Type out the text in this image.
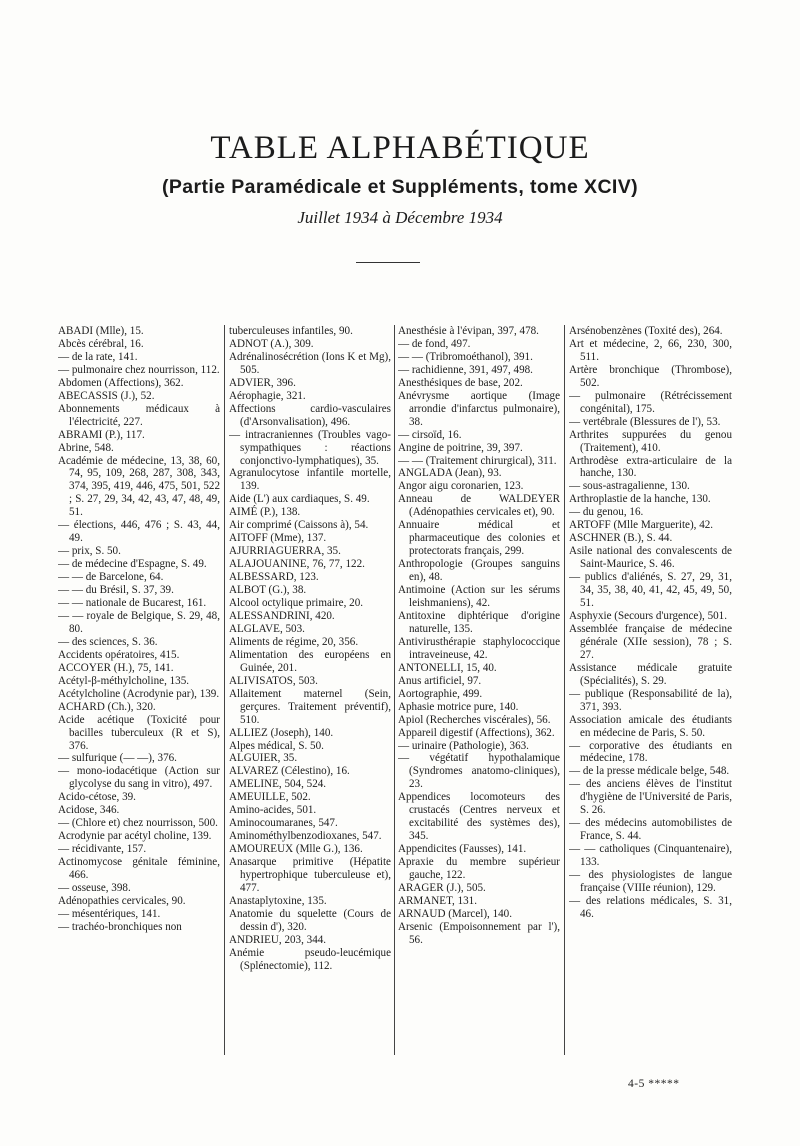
TABLE ALPHABÉTIQUE
(Partie Paramédicale et Suppléments, tome XCIV)
Juillet 1934 à Décembre 1934

ABADI (Mlle), 15.

Abcès cérébral, 16.

— de la rate, 141.

— pulmonaire chez nourrisson, 112.

Abdomen (Affections), 362.

ABECASSIS (J.), 52.

Abonnements médicaux à l'électricité, 227.

ABRAMI (P.), 117.

Abrine, 548.

Académie de médecine, 13, 38, 60, 74, 95, 109, 268, 287, 308, 343, 374, 395, 419, 446, 475, 501, 522 ; S. 27, 29, 34, 42, 43, 47, 48, 49, 51.

— élections, 446, 476 ; S. 43, 44, 49.

— prix, S. 50.

— de médecine d'Espagne, S. 49.

— — de Barcelone, 64.

— — du Brésil, S. 37, 39.

— — nationale de Bucarest, 161.

— — royale de Belgique, S. 29, 48, 80.

— des sciences, S. 36.

Accidents opératoires, 415.

ACCOYER (H.), 75, 141.

Acétyl-β-méthylcholine, 135.

Acétylcholine (Acrodynie par), 139.

ACHARD (Ch.), 320.

Acide acétique (Toxicité pour bacilles tuberculeux (R et S), 376.

— sulfurique (— —), 376.

— mono-iodacétique (Action sur glycolyse du sang in vitro), 497.

Acido-cétose, 39.

Acidose, 346.

— (Chlore et) chez nourrisson, 500.

Acrodynie par acétyl choline, 139.

— récidivante, 157.

Actinomycose génitale féminine, 466.

— osseuse, 398.

Adénopathies cervicales, 90.

— mésentériques, 141.

— trachéo-bronchiques non

tuberculeuses infantiles, 90.

ADNOT (A.), 309.

Adrénalinosécrétion (Ions K et Mg), 505.

ADVIER, 396.

Aérophagie, 321.

Affections cardio-vasculaires (d'Arsonvalisation), 496.

— intracraniennes (Troubles vago-sympathiques : réactions conjonctivo-lymphatiques), 35.

Agranulocytose infantile mortelle, 139.

Aide (L') aux cardiaques, S. 49.

AIMÉ (P.), 138.

Air comprimé (Caissons à), 54.

AITOFF (Mme), 137.

AJURRIAGUERRA, 35.

ALAJOUANINE, 76, 77, 122.

ALBESSARD, 123.

ALBOT (G.), 38.

Alcool octylique primaire, 20.

ALESSANDRINI, 420.

ALGLAVE, 503.

Aliments de régime, 20, 356.

Alimentation des européens en Guinée, 201.

ALIVISATOS, 503.

Allaitement maternel (Sein, gerçures. Traitement préventif), 510.

ALLIEZ (Joseph), 140.

Alpes médical, S. 50.

ALGUIER, 35.

ALVAREZ (Célestino), 16.

AMELINE, 504, 524.

AMEUILLE, 502.

Amino-acides, 501.

Aminocoumaranes, 547.

Aminométhylbenzodioxanes, 547.

AMOUREUX (Mlle G.), 136.

Anasarque primitive (Hépatite hypertrophique tuberculeuse et), 477.

Anastaplytoxine, 135.

Anatomie du squelette (Cours de dessin d'), 320.

ANDRIEU, 203, 344.

Anémie pseudo-leucémique (Splénectomie), 112.

Anesthésie à l'évipan, 397, 478.

— de fond, 497.

— — (Tribromoéthanol), 391.

— rachidienne, 391, 497, 498.

Anesthésiques de base, 202.

Anévrysme aortique (Image arrondie d'infarctus pulmonaire), 38.

— cirsoïd, 16.

Angine de poitrine, 39, 397.

— — (Traitement chirurgical), 311.

ANGLADA (Jean), 93.

Angor aigu coronarien, 123.

Anneau de WALDEYER (Adénopathies cervicales et), 90.

Annuaire médical et pharmaceutique des colonies et protectorats français, 299.

Anthropologie (Groupes sanguins en), 48.

Antimoine (Action sur les sérums leishmaniens), 42.

Antitoxine diphtérique d'origine naturelle, 135.

Antivirusthérapie staphylococcique intraveineuse, 42.

ANTONELLI, 15, 40.

Anus artificiel, 97.

Aortographie, 499.

Aphasie motrice pure, 140.

Apiol (Recherches viscérales), 56.

Appareil digestif (Affections), 362.

— urinaire (Pathologie), 363.

— végétatif hypothalamique (Syndromes anatomo-cliniques), 23.

Appendices locomoteurs des crustacés (Centres nerveux et excitabilité des systèmes des), 345.

Appendicites (Fausses), 141.

Apraxie du membre supérieur gauche, 122.

ARAGER (J.), 505.

ARMANET, 131.

ARNAUD (Marcel), 140.

Arsenic (Empoisonnement par l'), 56.

Arsénobenzènes (Toxité des), 264.

Art et médecine, 2, 66, 230, 300, 511.

Artère bronchique (Thrombose), 502.

— pulmonaire (Rétrécissement congénital), 175.

— vertébrale (Blessures de l'), 53.

Arthrites suppurées du genou (Traitement), 410.

Arthrodèse extra-articulaire de la hanche, 130.

— sous-astragalienne, 130.

Arthroplastie de la hanche, 130.

— du genou, 16.

ARTOFF (Mlle Marguerite), 42.

ASCHNER (B.), S. 44.

Asile national des convalescents de Saint-Maurice, S. 46.

— publics d'aliénés, S. 27, 29, 31, 34, 35, 38, 40, 41, 42, 45, 49, 50, 51.

Asphyxie (Secours d'urgence), 501.

Assemblée française de médecine générale (XIIe session), 78 ; S. 27.

Assistance médicale gratuite (Spécialités), S. 29.

— publique (Responsabilité de la), 371, 393.

Association amicale des étudiants en médecine de Paris, S. 50.

— corporative des étudiants en médecine, 178.

— de la presse médicale belge, 548.

— des anciens élèves de l'institut d'hygiène de l'Université de Paris, S. 26.

— des médecins automobilistes de France, S. 44.

— — catholiques (Cinquantenaire), 133.

— des physiologistes de langue française (VIIIe réunion), 129.

— des relations médicales, S. 31, 46.

4-5 *****
